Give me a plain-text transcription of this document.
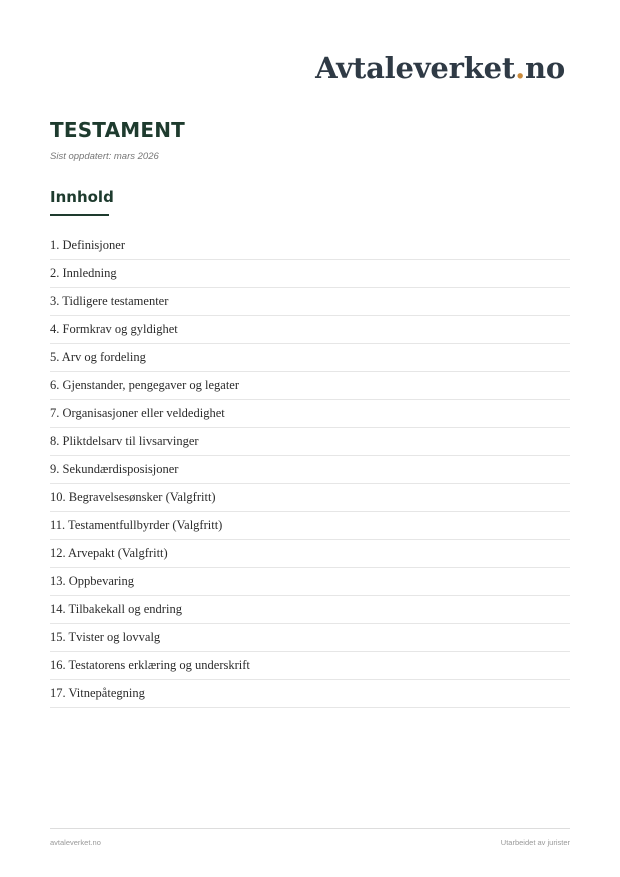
Avtaleverket.no
TESTAMENT
Sist oppdatert: mars 2026
Innhold
1. Definisjoner
2. Innledning
3. Tidligere testamenter
4. Formkrav og gyldighet
5. Arv og fordeling
6. Gjenstander, pengegaver og legater
7. Organisasjoner eller veldedighet
8. Pliktdelsarv til livsarvinger
9. Sekundærdisposisjoner
10. Begravelsesønsker (Valgfritt)
11. Testamentfullbyrder (Valgfritt)
12. Arvepakt (Valgfritt)
13. Oppbevaring
14. Tilbakekall og endring
15. Tvister og lovvalg
16. Testatorens erklæring og underskrift
17. Vitnepåtegning
avtaleverket.no	Utarbeidet av jurister
